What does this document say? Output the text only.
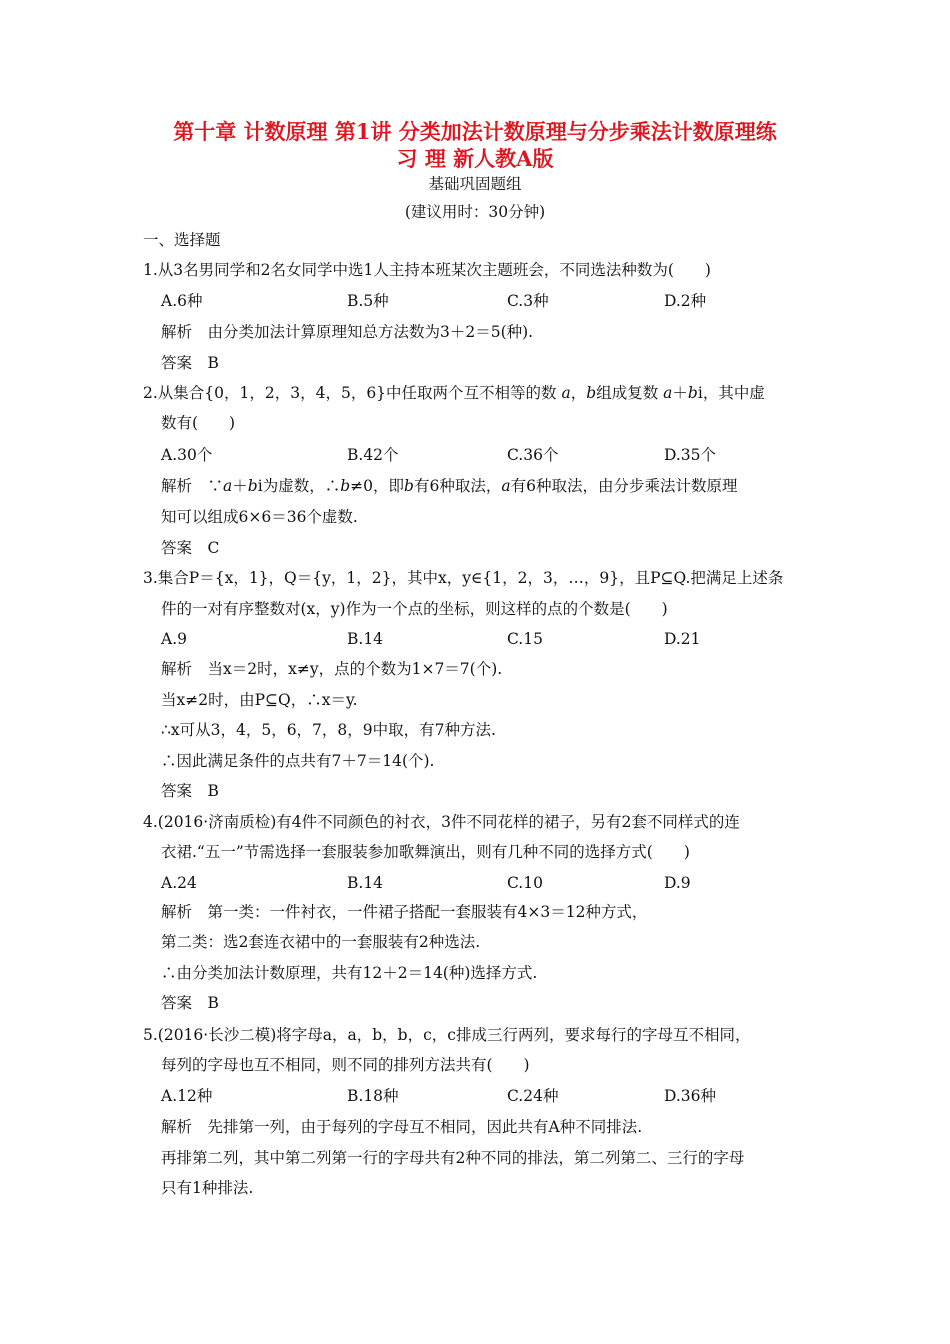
第十章 计数原理 第1讲 分类加法计数原理与分步乘法计数原理练
习 理 新人教A版
基础巩固题组
(建议用时：30分钟)
一、选择题
1.从3名男同学和2名女同学中选1人主持本班某次主题班会，不同选法种数为(　　)
A.6种	B.5种	C.3种	D.2种
解析　由分类加法计算原理知总方法数为3＋2＝5(种).
答案　B
2.从集合{0，1，2，3，4，5，6}中任取两个互不相等的数 a，b组成复数 a＋bi，其中虚
数有(　　)
A.30个	B.42个	C.36个	D.35个
解析　∵a＋bi为虚数，∴b≠0，即b有6种取法，a有6种取法，由分步乘法计数原理
知可以组成6×6＝36个虚数.
答案　C
3.集合P＝{x，1}，Q＝{y，1，2}，其中x，y∈{1，2，3，…，9}，且P⊆Q.把满足上述条
件的一对有序整数对(x，y)作为一个点的坐标，则这样的点的个数是(　　)
A.9	B.14	C.15	D.21
解析　当x＝2时，x≠y，点的个数为1×7＝7(个).
当x≠2时，由P⊆Q，∴x＝y.
∴x可从3，4，5，6，7，8，9中取，有7种方法.
∴因此满足条件的点共有7＋7＝14(个).
答案　B
4.(2016·济南质检)有4件不同颜色的衬衣，3件不同花样的裙子，另有2套不同样式的连
衣裙.“五一”节需选择一套服装参加歌舞演出，则有几种不同的选择方式(　　)
A.24	B.14	C.10	D.9
解析　第一类：一件衬衣，一件裙子搭配一套服装有4×3＝12种方式，
第二类：选2套连衣裙中的一套服装有2种选法.
∴由分类加法计数原理，共有12＋2＝14(种)选择方式.
答案　B
5.(2016·长沙二模)将字母a，a，b，b，c，c排成三行两列，要求每行的字母互不相同，
每列的字母也互不相同，则不同的排列方法共有(　　)
A.12种	B.18种	C.24种	D.36种
解析　先排第一列，由于每列的字母互不相同，因此共有A种不同排法.
再排第二列，其中第二列第一行的字母共有2种不同的排法，第二列第二、三行的字母
只有1种排法.
